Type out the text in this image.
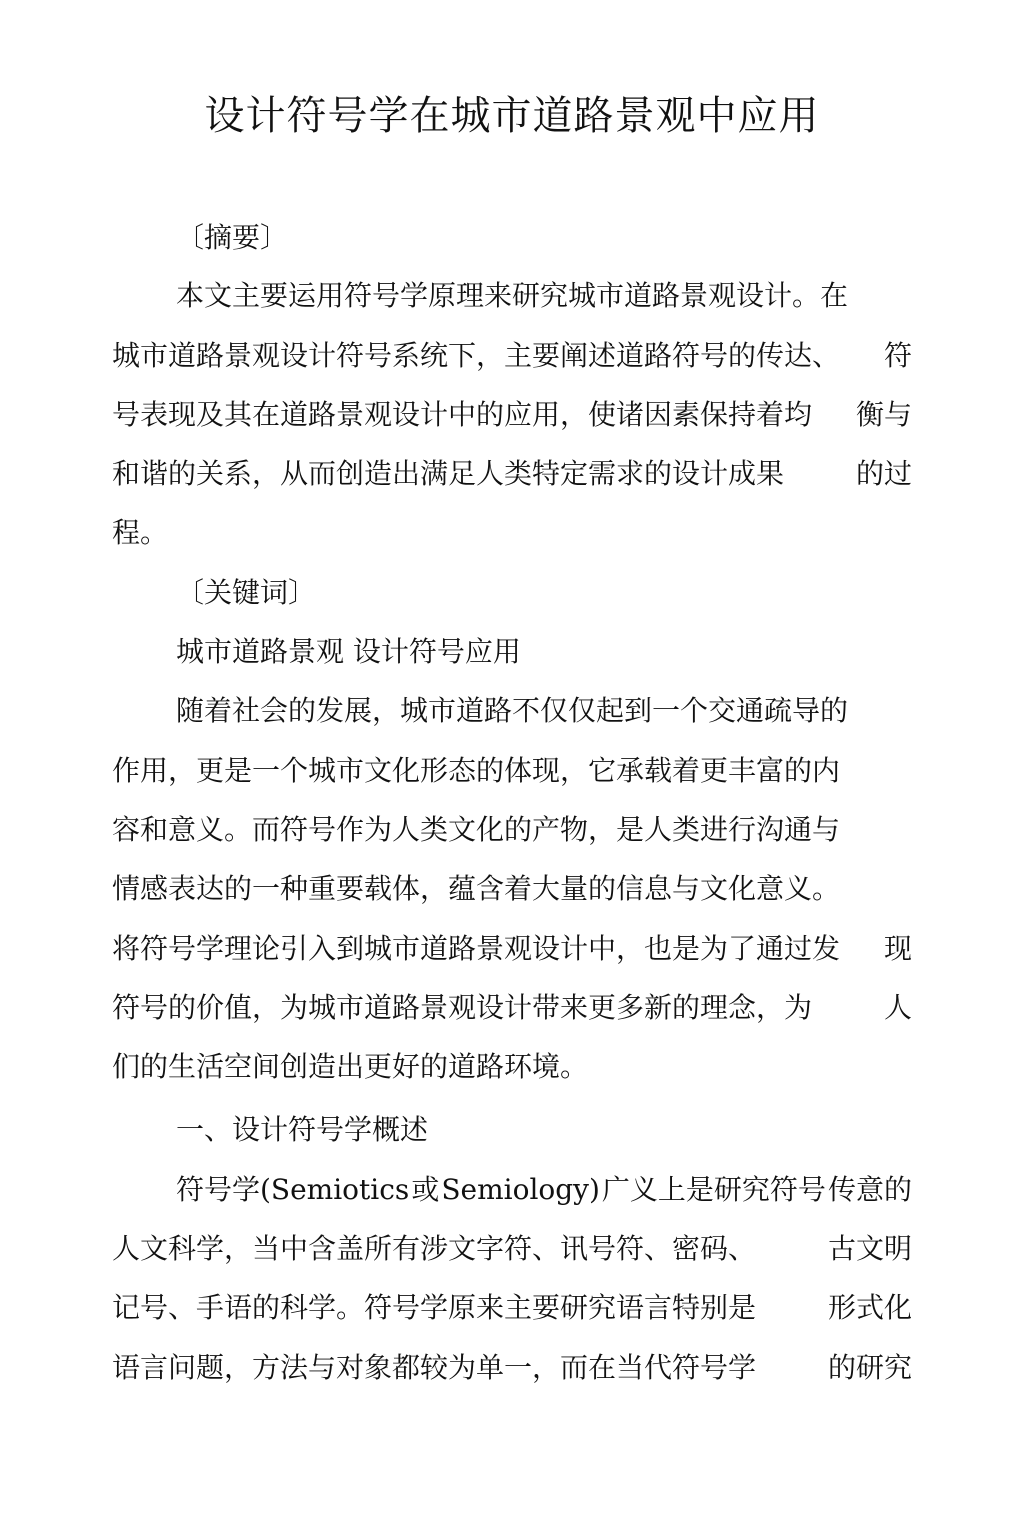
设计符号学在城市道路景观中应用
〔摘要〕
本文主要运用符号学原理来研究城市道路景观设计。在
城市道路景观设计符号系统下，主要阐述道路符号的传达、 符
号表现及其在道路景观设计中的应用，使诸因素保持着均 衡与
和谐的关系，从而创造出满足人类特定需求的设计成果	的过
程。
〔关键词〕
城市道路景观 设计符号应用
随着社会的发展，城市道路不仅仅起到一个交通疏导的
作用，更是一个城市文化形态的体现，它承载着更丰富的内
容和意义。而符号作为人类文化的产物，是人类进行沟通与
情感表达的一种重要载体，蕴含着大量的信息与文化意义。
将符号学理论引入到城市道路景观设计中，也是为了通过发 现
符号的价值，为城市道路景观设计带来更多新的理念，为	人
们的生活空间创造出更好的道路环境。
一、设计符号学概述
符号学(Semiotics 或 Semiology) 广义上是研究符号 传意的
人文科学，当中含盖所有涉文字符、讯号符、密码、	古文明
记号、手语的科学。符号学原来主要研究语言特别是	形式化
语言问题，方法与对象都较为单一，而在当代符号学	的研究
